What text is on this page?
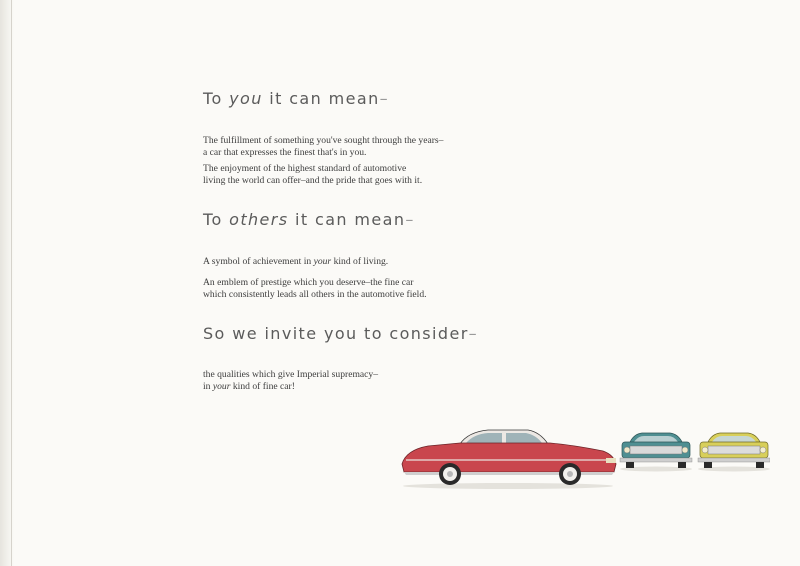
To you it can mean–

The fulfillment of something you've sought through the years–
a car that expresses the finest that's in you.

The enjoyment of the highest standard of automotive
living the world can offer–and the pride that goes with it.

To others it can mean–

A symbol of achievement in your kind of living.

An emblem of prestige which you deserve–the fine car
which consistently leads all others in the automotive field.

So we invite you to consider–

the qualities which give Imperial supremacy–
in your kind of fine car!
